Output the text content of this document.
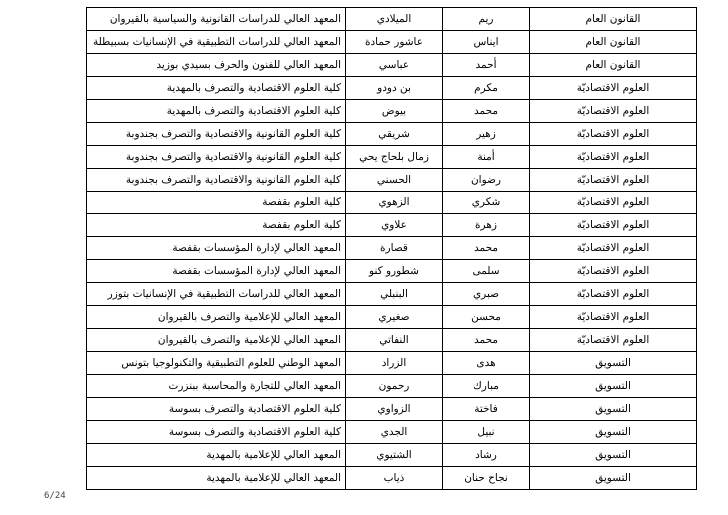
القانون العام	ريم	الميلادي	المعهد العالي للدراسات القانونية والسياسية بالقيروان
القانون العام	ايناس	عاشور حمادة	المعهد العالي للدراسات التطبيقية في الإنسانيات بسبيطلة
القانون العام	أحمد	عباسي	المعهد العالي للفنون والحرف بسيدي بوزيد
العلوم الاقتصاديّة	مكرم	بن دودو	كلية العلوم الاقتصادية والتصرف بالمهدية
العلوم الاقتصاديّة	محمد	بيوض	كلية العلوم الاقتصادية والتصرف بالمهدية
العلوم الاقتصاديّة	زهير	شريقي	كلية العلوم القانونية والاقتصادية والتصرف بجندوبة
العلوم الاقتصاديّة	أمنة	زمال بلحاج يحي	كلية العلوم القانونية والاقتصادية والتصرف بجندوبة
العلوم الاقتصاديّة	رضوان	الحسني	كلية العلوم القانونية والاقتصادية والتصرف بجندوبة
العلوم الاقتصاديّة	شكري	الزهوي	كلية العلوم بقفصة
العلوم الاقتصاديّة	زهرة	علاوي	كلية العلوم بقفصة
العلوم الاقتصاديّة	محمد	قصارة	المعهد العالي لإدارة المؤسسات بقفصة
العلوم الاقتصاديّة	سلمى	شطورو كنو	المعهد العالي لإدارة المؤسسات بقفصة
العلوم الاقتصاديّة	صبري	البنبلي	المعهد العالي للدراسات التطبيقية في الإنسانيات بتوزر
العلوم الاقتصاديّة	محسن	صغيري	المعهد العالي للإعلامية والتصرف بالقيروان
العلوم الاقتصاديّة	محمد	النفاتي	المعهد العالي للإعلامية والتصرف بالقيروان
التسويق	هدى	الزراد	المعهد الوطني للعلوم التطبيقية والتكنولوجيا بتونس
التسويق	مبارك	رحمون	المعهد العالي للتجارة والمحاسبة ببنزرت
التسويق	فاختة	الزواوي	كلية العلوم الاقتصادية والتصرف بسوسة
التسويق	نبيل	الجدي	كلية العلوم الاقتصادية والتصرف بسوسة
التسويق	رشاد	الشتيوي	المعهد العالي للإعلامية بالمهدية
التسويق	نجاح حنان	ذياب	المعهد العالي للإعلامية بالمهدية
6/24
